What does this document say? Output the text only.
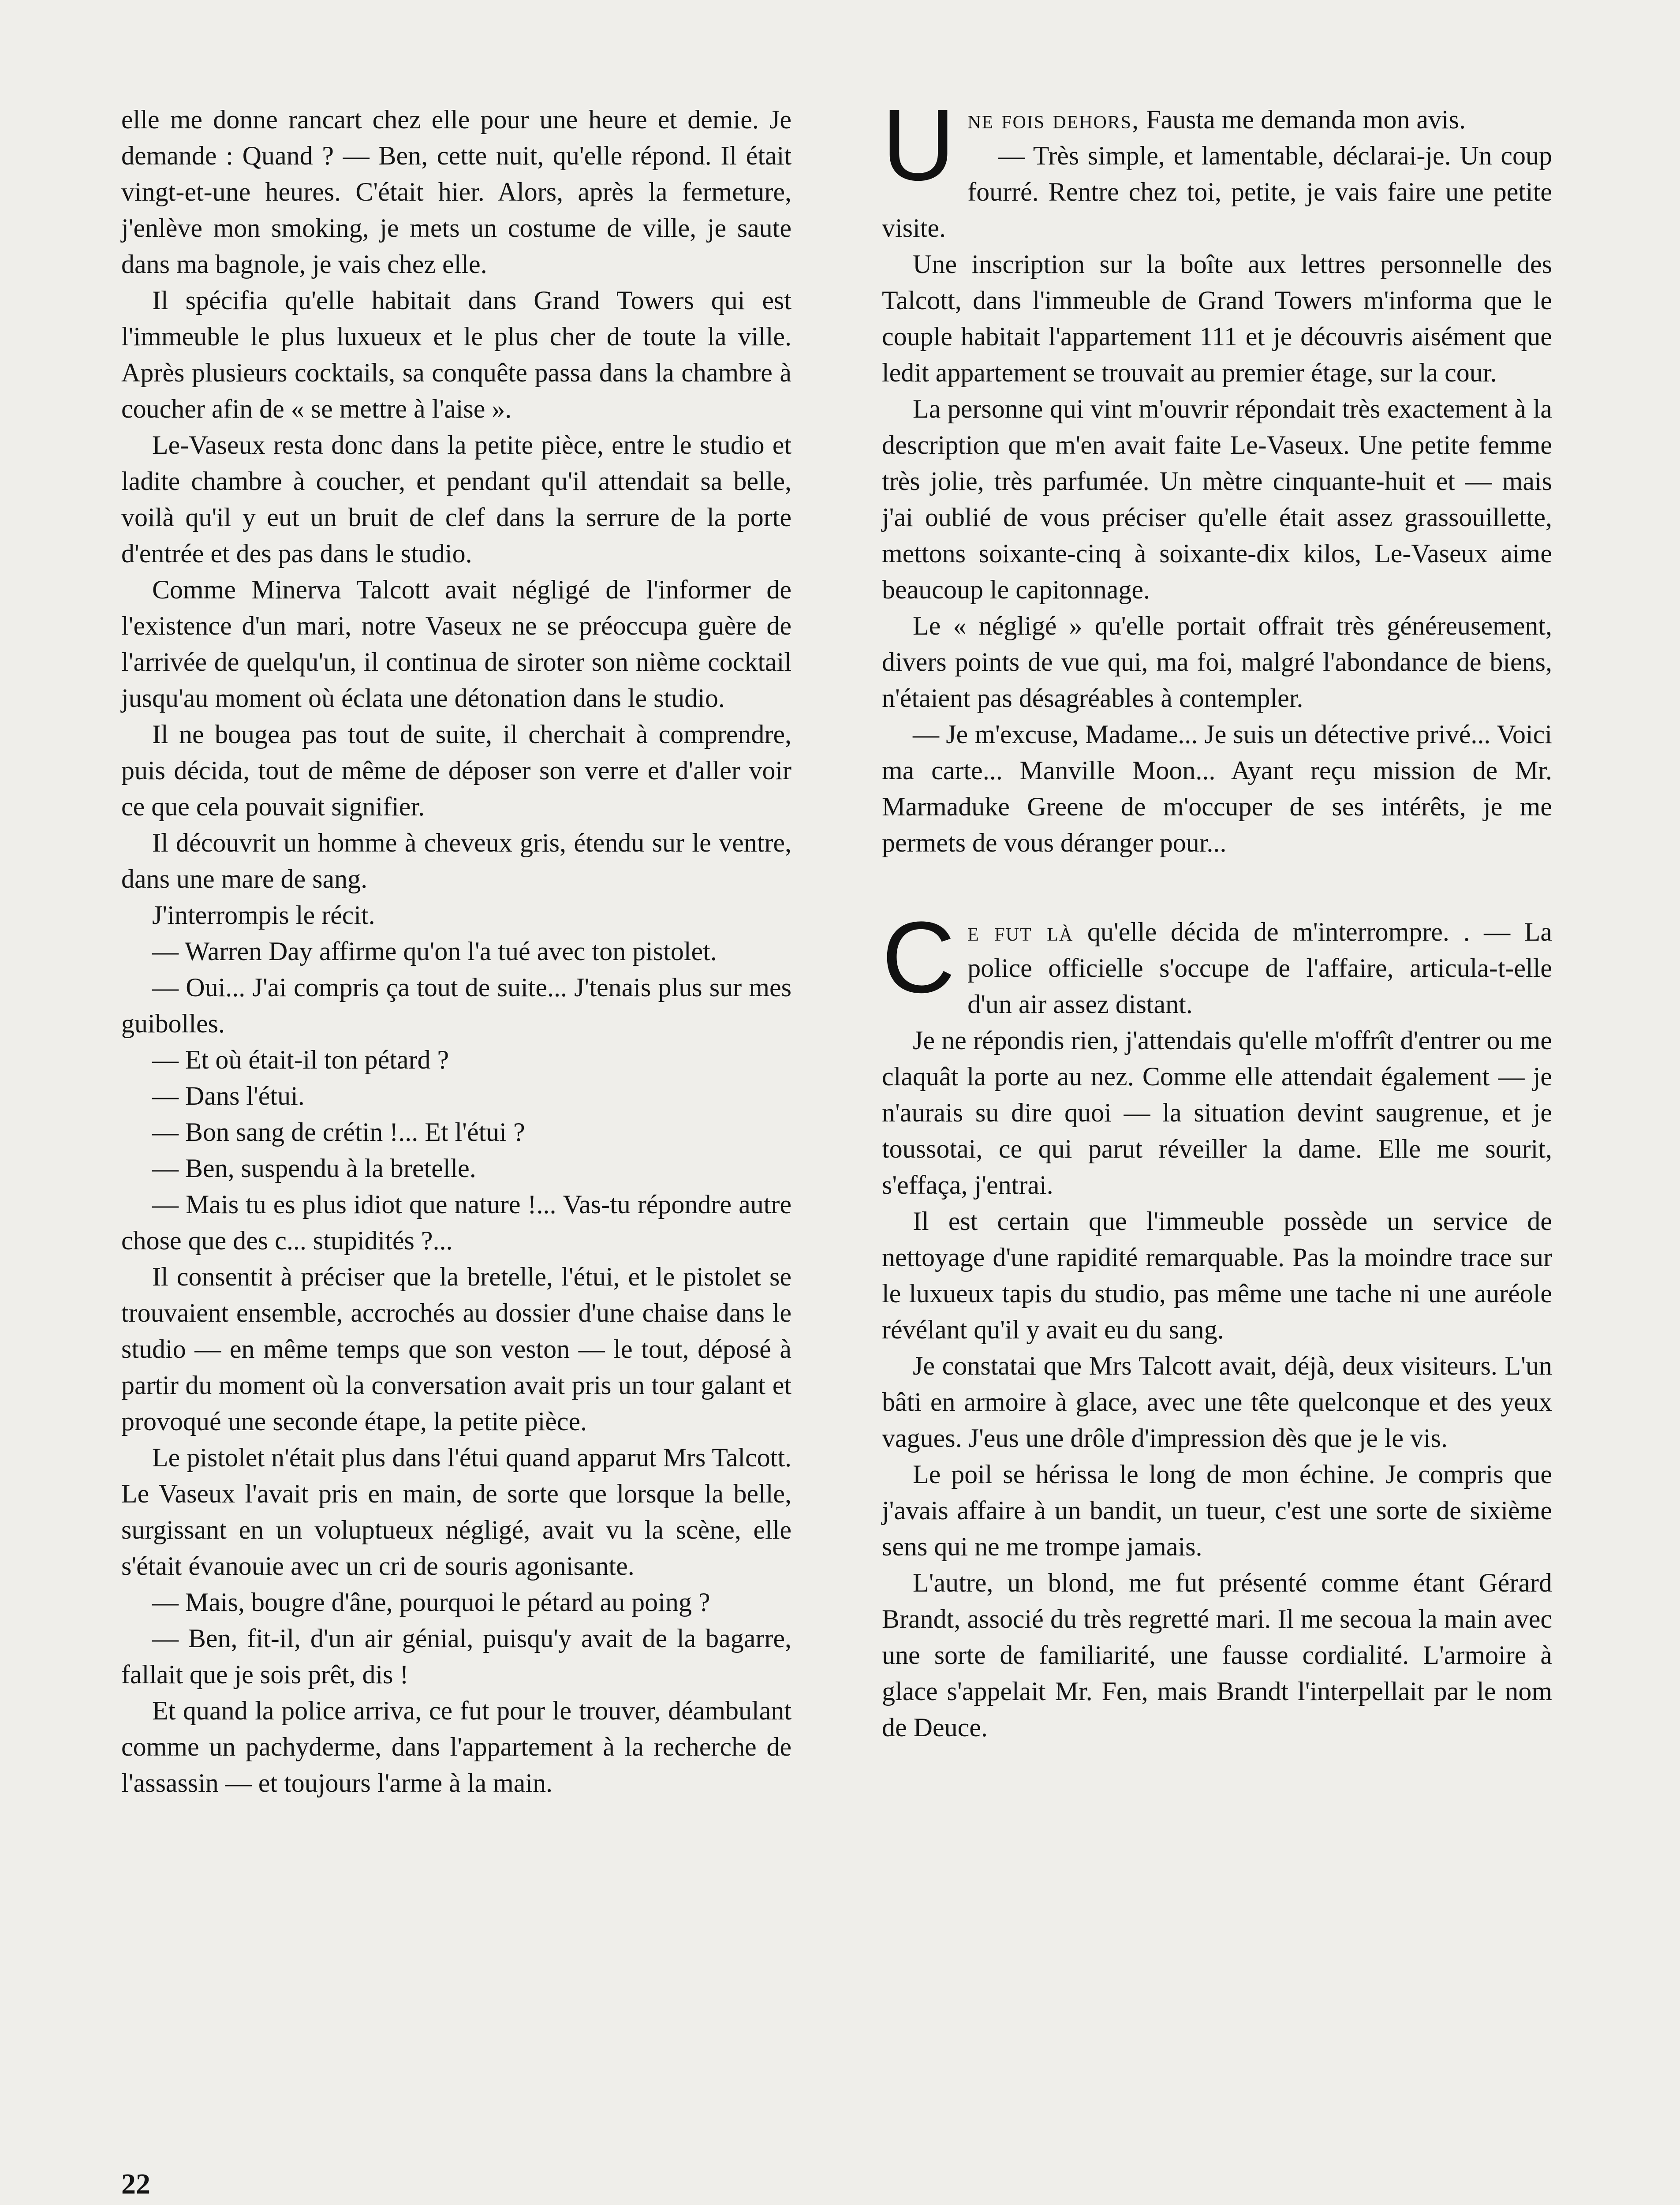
elle me donne rancart chez elle pour une heure et demie. Je demande : Quand ? — Ben, cette nuit, qu'elle répond. Il était vingt-et-une heures. C'était hier. Alors, après la fermeture, j'enlève mon smoking, je mets un costume de ville, je saute dans ma bagnole, je vais chez elle.

Il spécifia qu'elle habitait dans Grand Towers qui est l'immeuble le plus luxueux et le plus cher de toute la ville. Après plusieurs cocktails, sa conquête passa dans la chambre à coucher afin de « se mettre à l'aise ».

Le-Vaseux resta donc dans la petite pièce, entre le studio et ladite chambre à coucher, et pendant qu'il attendait sa belle, voilà qu'il y eut un bruit de clef dans la serrure de la porte d'entrée et des pas dans le studio.

Comme Minerva Talcott avait négligé de l'informer de l'existence d'un mari, notre Vaseux ne se préoccupa guère de l'arrivée de quelqu'un, il continua de siroter son nième cocktail jusqu'au moment où éclata une détonation dans le studio.

Il ne bougea pas tout de suite, il cherchait à comprendre, puis décida, tout de même de déposer son verre et d'aller voir ce que cela pouvait signifier.

Il découvrit un homme à cheveux gris, étendu sur le ventre, dans une mare de sang.

J'interrompis le récit.

— Warren Day affirme qu'on l'a tué avec ton pistolet.

— Oui... J'ai compris ça tout de suite... J'tenais plus sur mes guibolles.

— Et où était-il ton pétard ?

— Dans l'étui.

— Bon sang de crétin !... Et l'étui ?

— Ben, suspendu à la bretelle.

— Mais tu es plus idiot que nature !... Vas-tu répondre autre chose que des c... stupidités ?...

Il consentit à préciser que la bretelle, l'étui, et le pistolet se trouvaient ensemble, accrochés au dossier d'une chaise dans le studio — en même temps que son veston — le tout, déposé à partir du moment où la conversation avait pris un tour galant et provoqué une seconde étape, la petite pièce.

Le pistolet n'était plus dans l'étui quand apparut Mrs Talcott. Le Vaseux l'avait pris en main, de sorte que lorsque la belle, surgissant en un voluptueux négligé, avait vu la scène, elle s'était évanouie avec un cri de souris agonisante.

— Mais, bougre d'âne, pourquoi le pétard au poing ?

— Ben, fit-il, d'un air génial, puisqu'y avait de la bagarre, fallait que je sois prêt, dis !

Et quand la police arriva, ce fut pour le trouver, déambulant comme un pachyderme, dans l'appartement à la recherche de l'assassin — et toujours l'arme à la main.

U ne fois dehors, Fausta me demanda mon avis.

— Très simple, et lamentable, déclarai-je. Un coup fourré. Rentre chez toi, petite, je vais faire une petite visite.

Une inscription sur la boîte aux lettres personnelle des Talcott, dans l'immeuble de Grand Towers m'informa que le couple habitait l'appartement 111 et je découvris aisément que ledit appartement se trouvait au premier étage, sur la cour.

La personne qui vint m'ouvrir répondait très exactement à la description que m'en avait faite Le-Vaseux. Une petite femme très jolie, très parfumée. Un mètre cinquante-huit et — mais j'ai oublié de vous préciser qu'elle était assez grassouillette, mettons soixante-cinq à soixante-dix kilos, Le-Vaseux aime beaucoup le capitonnage.

Le « négligé » qu'elle portait offrait très généreusement, divers points de vue qui, ma foi, malgré l'abondance de biens, n'étaient pas désagréables à contempler.

— Je m'excuse, Madame... Je suis un détective privé... Voici ma carte... Manville Moon... Ayant reçu mission de Mr. Marmaduke Greene de m'occuper de ses intérêts, je me permets de vous déranger pour...

C e fut là qu'elle décida de m'interrompre. . — La police officielle s'occupe de l'affaire, articula-t-elle d'un air assez distant.

Je ne répondis rien, j'attendais qu'elle m'offrît d'entrer ou me claquât la porte au nez. Comme elle attendait également — je n'aurais su dire quoi — la situation devint saugrenue, et je toussotai, ce qui parut réveiller la dame. Elle me sourit, s'effaça, j'entrai.

Il est certain que l'immeuble possède un service de nettoyage d'une rapidité remarquable. Pas la moindre trace sur le luxueux tapis du studio, pas même une tache ni une auréole révélant qu'il y avait eu du sang.

Je constatai que Mrs Talcott avait, déjà, deux visiteurs. L'un bâti en armoire à glace, avec une tête quelconque et des yeux vagues. J'eus une drôle d'impression dès que je le vis.

Le poil se hérissa le long de mon échine. Je compris que j'avais affaire à un bandit, un tueur, c'est une sorte de sixième sens qui ne me trompe jamais.

L'autre, un blond, me fut présenté comme étant Gérard Brandt, associé du très regretté mari. Il me secoua la main avec une sorte de familiarité, une fausse cordialité. L'armoire à glace s'appelait Mr. Fen, mais Brandt l'interpellait par le nom de Deuce.

22
